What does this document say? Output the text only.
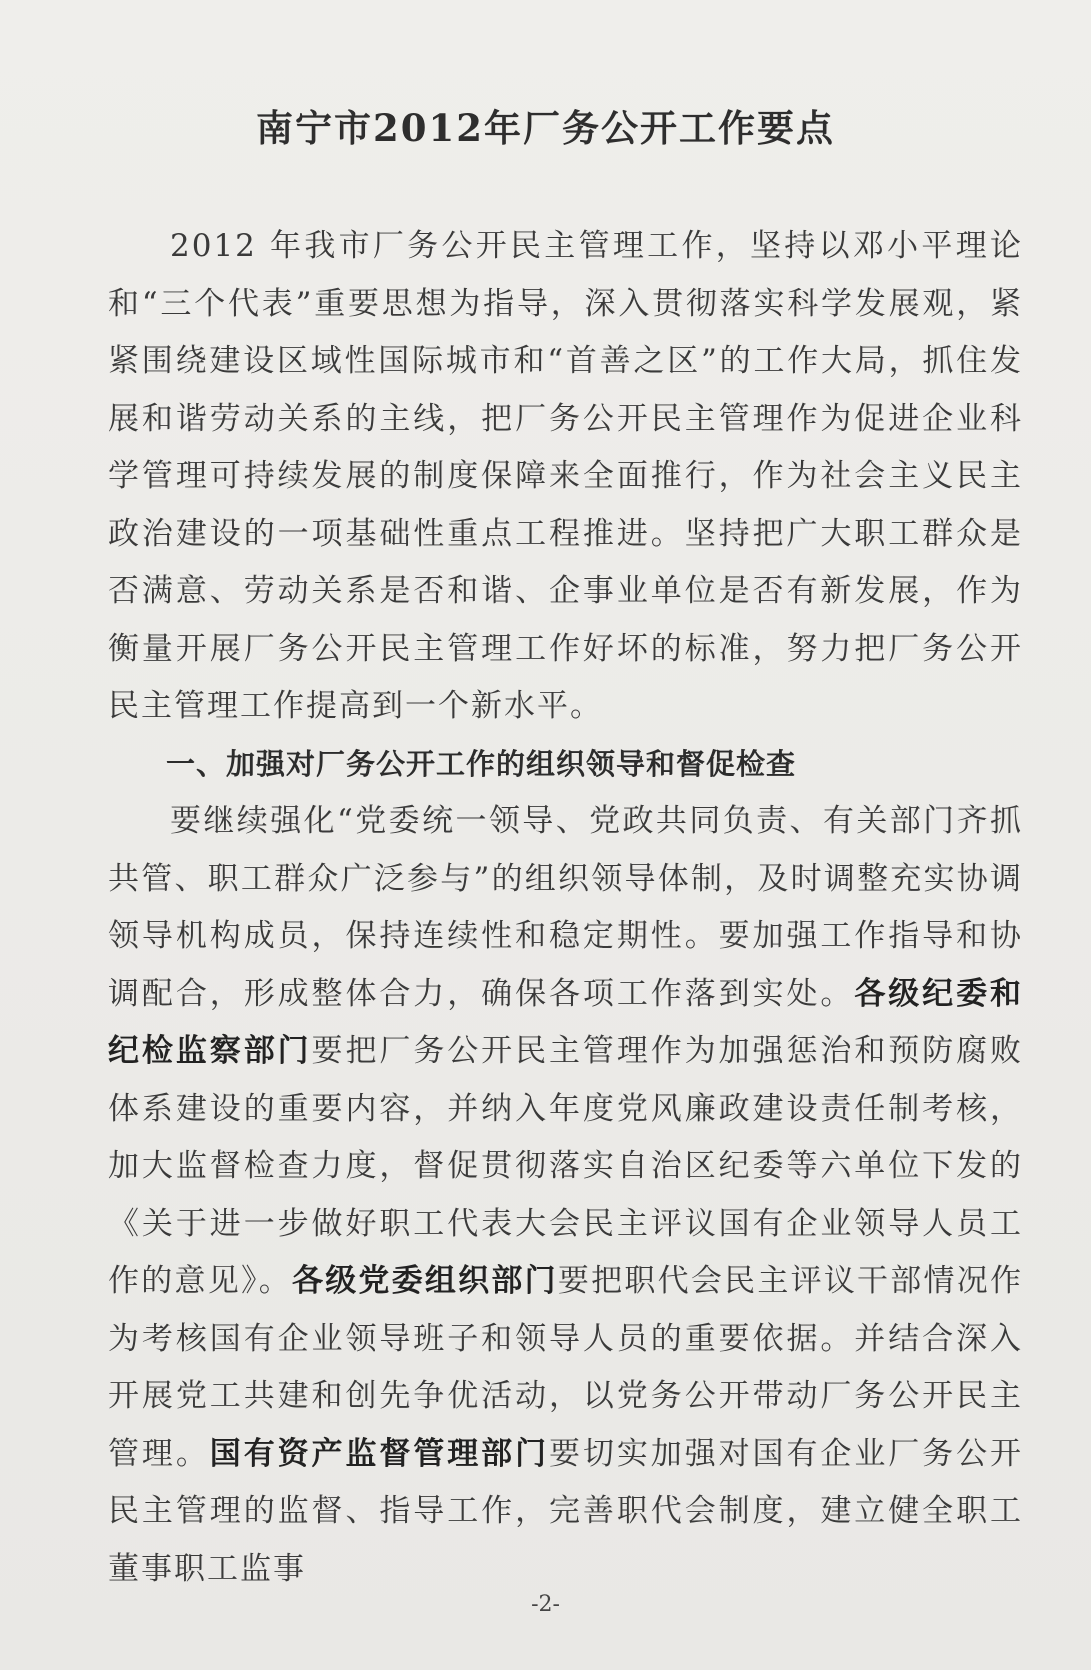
南宁市2012年厂务公开工作要点

2012 年我市厂务公开民主管理工作，坚持以邓小平理论和“三个代表”重要思想为指导，深入贯彻落实科学发展观，紧紧围绕建设区域性国际城市和“首善之区”的工作大局，抓住发展和谐劳动关系的主线，把厂务公开民主管理作为促进企业科学管理可持续发展的制度保障来全面推行，作为社会主义民主政治建设的一项基础性重点工程推进。坚持把广大职工群众是否满意、劳动关系是否和谐、企事业单位是否有新发展，作为衡量开展厂务公开民主管理工作好坏的标准，努力把厂务公开民主管理工作提高到一个新水平。

一、加强对厂务公开工作的组织领导和督促检查

要继续强化“党委统一领导、党政共同负责、有关部门齐抓共管、职工群众广泛参与”的组织领导体制，及时调整充实协调领导机构成员，保持连续性和稳定期性。要加强工作指导和协调配合，形成整体合力，确保各项工作落到实处。各级纪委和纪检监察部门要把厂务公开民主管理作为加强惩治和预防腐败体系建设的重要内容，并纳入年度党风廉政建设责任制考核，加大监督检查力度，督促贯彻落实自治区纪委等六单位下发的《关于进一步做好职工代表大会民主评议国有企业领导人员工作的意见》。各级党委组织部门要把职代会民主评议干部情况作为考核国有企业领导班子和领导人员的重要依据。并结合深入开展党工共建和创先争优活动，以党务公开带动厂务公开民主管理。国有资产监督管理部门要切实加强对国有企业厂务公开民主管理的监督、指导工作，完善职代会制度，建立健全职工董事职工监事

-2-
